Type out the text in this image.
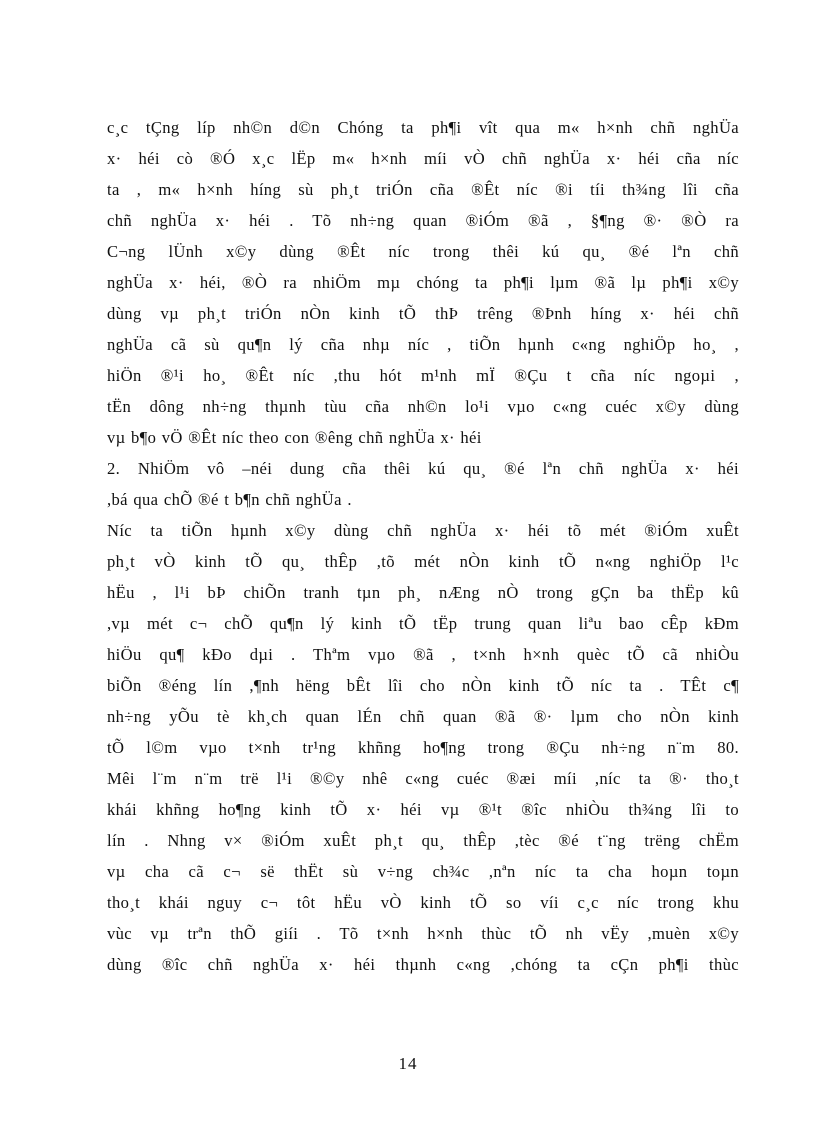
c¸c tÇng líp nh©n d©n Chóng ta ph¶i vît qua m« h×nh chñ nghÜa
x· héi cò ®Ó x¸c lËp m« h×nh míi vÒ chñ nghÜa x· héi cña níc
ta , m« h×nh híng sù ph¸t triÓn cña ®Êt níc ®i tíi th¾ng lîi cña
chñ nghÜa x· héi . Tõ nh÷ng quan ®iÓm ®ã , §¶ng ®· ®Ò ra
C¬ng lÜnh x©y dùng ®Êt níc trong thêi kú qu¸ ®é lªn chñ
nghÜa x· héi, ®Ò ra nhiÖm mµ chóng ta ph¶i lµm ®ã lµ ph¶i x©y
dùng vµ ph¸t triÓn nÒn kinh tÕ thÞ trêng ®Þnh híng x· héi chñ
nghÜa cã sù qu¶n lý cña nhµ níc , tiÕn hµnh c«ng nghiÖp ho¸ ,
hiÖn ®¹i ho¸ ®Êt níc ,thu hót m¹nh mÏ ®Çu t cña níc ngoµi ,
tËn dông nh÷ng thµnh tùu cña nh©n lo¹i vµo c«ng cuéc x©y dùng
vµ b¶o vÖ ®Êt níc theo con ®êng chñ nghÜa x· héi
2. NhiÖm vô –néi dung cña thêi kú qu¸ ®é lªn chñ nghÜa x· héi
,bá qua chÕ ®é t b¶n chñ nghÜa .
Níc ta tiÕn hµnh x©y dùng chñ nghÜa x· héi tõ mét ®iÓm xuÊt
ph¸t vÒ kinh tÕ qu¸ thÊp ,tõ mét nÒn kinh tÕ n«ng nghiÖp l¹c
hËu , l¹i bÞ chiÕn tranh tµn ph¸ nÆng nÒ trong gÇn ba thËp kû
,vµ mét c¬ chÕ qu¶n lý kinh tÕ tËp trung quan liªu bao cÊp kÐm
hiÖu qu¶ kÐo dµi . Thªm vµo ®ã , t×nh h×nh quèc tÕ cã nhiÒu
biÕn ®éng lín ,¶nh hëng bÊt lîi cho nÒn kinh tÕ níc ta . TÊt c¶
nh÷ng yÕu tè kh¸ch quan lÉn chñ quan ®ã ®· lµm cho nÒn kinh
tÕ l©m vµo t×nh tr¹ng khñng ho¶ng trong ®Çu nh÷ng n¨m 80.
Mêi l¨m n¨m trë l¹i ®©y nhê c«ng cuéc ®æi míi ,níc ta ®· tho¸t
khái khñng ho¶ng kinh tÕ x· héi vµ ®¹t ®îc nhiÒu th¾ng lîi to
lín . Nhng v× ®iÓm xuÊt ph¸t qu¸ thÊp ,tèc ®é t¨ng trëng chËm
vµ cha cã c¬ së thËt sù v÷ng ch¾c ,nªn níc ta cha hoµn toµn
tho¸t khái nguy c¬ tôt hËu vÒ kinh tÕ so víi c¸c níc trong khu
vùc vµ trªn thÕ giíi . Tõ t×nh h×nh thùc tÕ nh vËy ,muèn x©y
dùng ®îc chñ nghÜa x· héi thµnh c«ng ,chóng ta cÇn ph¶i thùc
14
